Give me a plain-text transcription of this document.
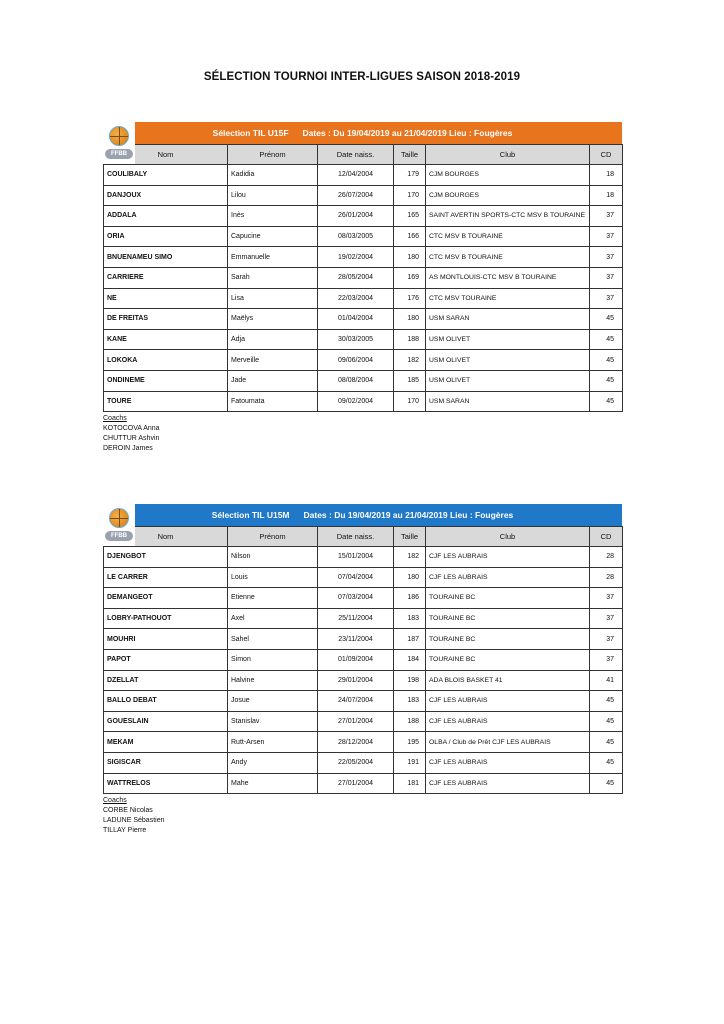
SÉLECTION TOURNOI INTER-LIGUES SAISON 2018-2019
FFBB
Sélection TIL U15F Dates : Du 19/04/2019 au 21/04/2019 Lieu : Fougères
Nom	Prénom	Date naiss.	Taille	Club	CD
COULIBALY	Kadidia	12/04/2004	179	CJM BOURGES	18
DANJOUX	Lilou	26/07/2004	170	CJM BOURGES	18
ADDALA	Inès	26/01/2004	165	SAINT AVERTIN SPORTS-CTC MSV B TOURAINE	37
ORIA	Capucine	08/03/2005	166	CTC MSV B TOURAINE	37
BNUENAMEU SIMO	Emmanuelle	19/02/2004	180	CTC MSV B TOURAINE	37
CARRIERE	Sarah	28/05/2004	169	AS MONTLOUIS-CTC MSV B TOURAINE	37
NE	Lisa	22/03/2004	176	CTC MSV TOURAINE	37
DE FREITAS	Maëlys	01/04/2004	180	USM SARAN	45
KANE	Adja	30/03/2005	188	USM OLIVET	45
LOKOKA	Merveille	09/06/2004	182	USM OLIVET	45
ONDINEME	Jade	08/08/2004	185	USM OLIVET	45
TOURE	Fatoumata	09/02/2004	170	USM SARAN	45
Coachs
KOTOCOVA Anna
CHUTTUR Ashvin
DEROIN James
FFBB
Sélection TIL U15M Dates : Du 19/04/2019 au 21/04/2019 Lieu : Fougères
Nom	Prénom	Date naiss.	Taille	Club	CD
DJENGBOT	Nilson	15/01/2004	182	CJF LES AUBRAIS	28
LE CARRER	Louis	07/04/2004	180	CJF LES AUBRAIS	28
DEMANGEOT	Etienne	07/03/2004	186	TOURAINE BC	37
LOBRY-PATHOUOT	Axel	25/11/2004	183	TOURAINE BC	37
MOUHRI	Sahel	23/11/2004	187	TOURAINE BC	37
PAPOT	Simon	01/09/2004	184	TOURAINE BC	37
DZELLAT	Halvine	29/01/2004	198	ADA BLOIS BASKET 41	41
BALLO DEBAT	Josue	24/07/2004	183	CJF LES AUBRAIS	45
GOUESLAIN	Stanislav	27/01/2004	188	CJF LES AUBRAIS	45
MEKAM	Rutt-Arsen	28/12/2004	195	OLBA / Club de Prêt CJF LES AUBRAIS	45
SIGISCAR	Andy	22/05/2004	191	CJF LES AUBRAIS	45
WATTRELOS	Mahe	27/01/2004	181	CJF LES AUBRAIS	45
Coachs
CORBE Nicolas
LADUNE Sébastien
TILLAY Pierre
